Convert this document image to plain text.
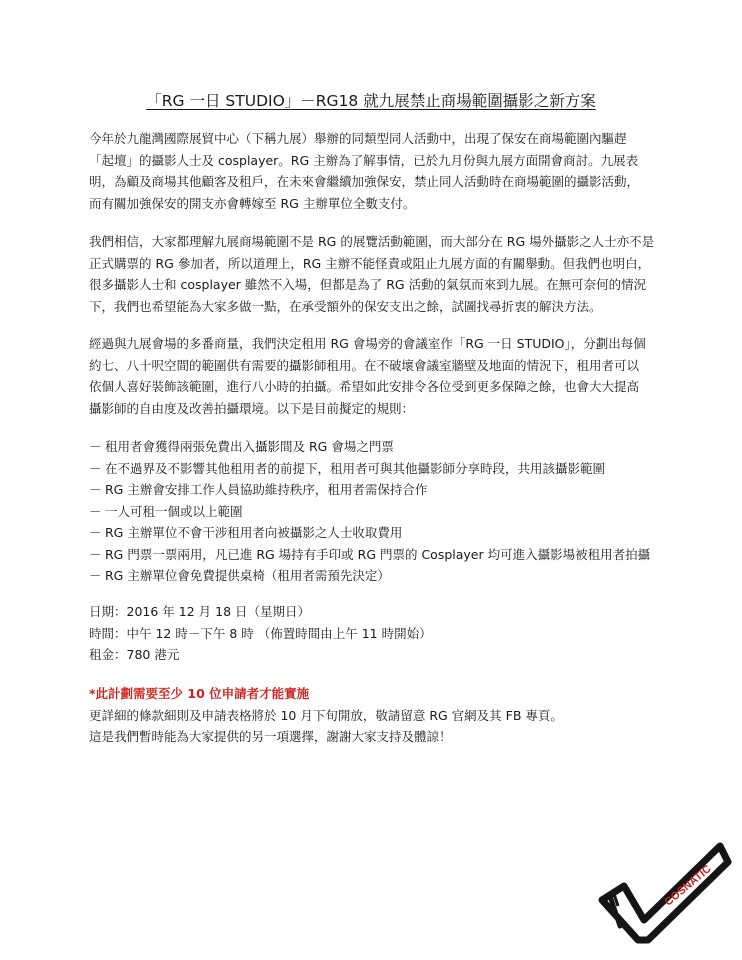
「RG 一日 STUDIO」－RG18 就九展禁止商場範圍攝影之新方案
今年於九龍灣國際展貿中心（下稱九展）舉辦的同類型同人活動中，出現了保安在商場範圍內驅趕
「起壇」的攝影人士及 cosplayer。RG 主辦為了解事情，已於九月份與九展方面開會商討。九展表
明，為顧及商場其他顧客及租戶，在未來會繼續加強保安，禁止同人活動時在商場範圍的攝影活動，
而有關加強保安的開支亦會轉嫁至 RG 主辦單位全數支付。
我們相信，大家都理解九展商場範圍不是 RG 的展覽活動範圍，而大部分在 RG 場外攝影之人士亦不是
正式購票的 RG 參加者，所以道理上，RG 主辦不能怪責或阻止九展方面的有關舉動。但我們也明白，
很多攝影人士和 cosplayer 雖然不入場，但都是為了 RG 活動的氣氛而來到九展。在無可奈何的情況
下，我們也希望能為大家多做一點，在承受額外的保安支出之餘，試圖找尋折衷的解決方法。
經過與九展會場的多番商量，我們決定租用 RG 會場旁的會議室作「RG 一日 STUDIO」，分劃出每個
約七、八十呎空間的範圍供有需要的攝影師租用。在不破壞會議室牆壁及地面的情況下，租用者可以
依個人喜好裝飾該範圍，進行八小時的拍攝。希望如此安排令各位受到更多保障之餘，也會大大提高
攝影師的自由度及改善拍攝環境。以下是目前擬定的規則：
－ 租用者會獲得兩張免費出入攝影間及 RG 會場之門票
－ 在不過界及不影響其他租用者的前提下，租用者可與其他攝影師分享時段，共用該攝影範圍
－ RG 主辦會安排工作人員協助維持秩序，租用者需保持合作
－ 一人可租一個或以上範圍
－ RG 主辦單位不會干涉租用者向被攝影之人士收取費用
－ RG 門票一票兩用，凡已進 RG 場持有手印或 RG 門票的 Cosplayer 均可進入攝影場被租用者拍攝
－ RG 主辦單位會免費提供桌椅（租用者需預先決定）
日期：2016 年 12 月 18 日（星期日）
時間：中午 12 時－下午 8 時 （佈置時間由上午 11 時開始）
租金：780 港元
*此計劃需要至少 10 位申請者才能實施
更詳細的條款細則及申請表格將於 10 月下旬開放，敬請留意 RG 官網及其 FB 專頁。
這是我們暫時能為大家提供的另一項選擇，謝謝大家支持及體諒！
COSNATIC
